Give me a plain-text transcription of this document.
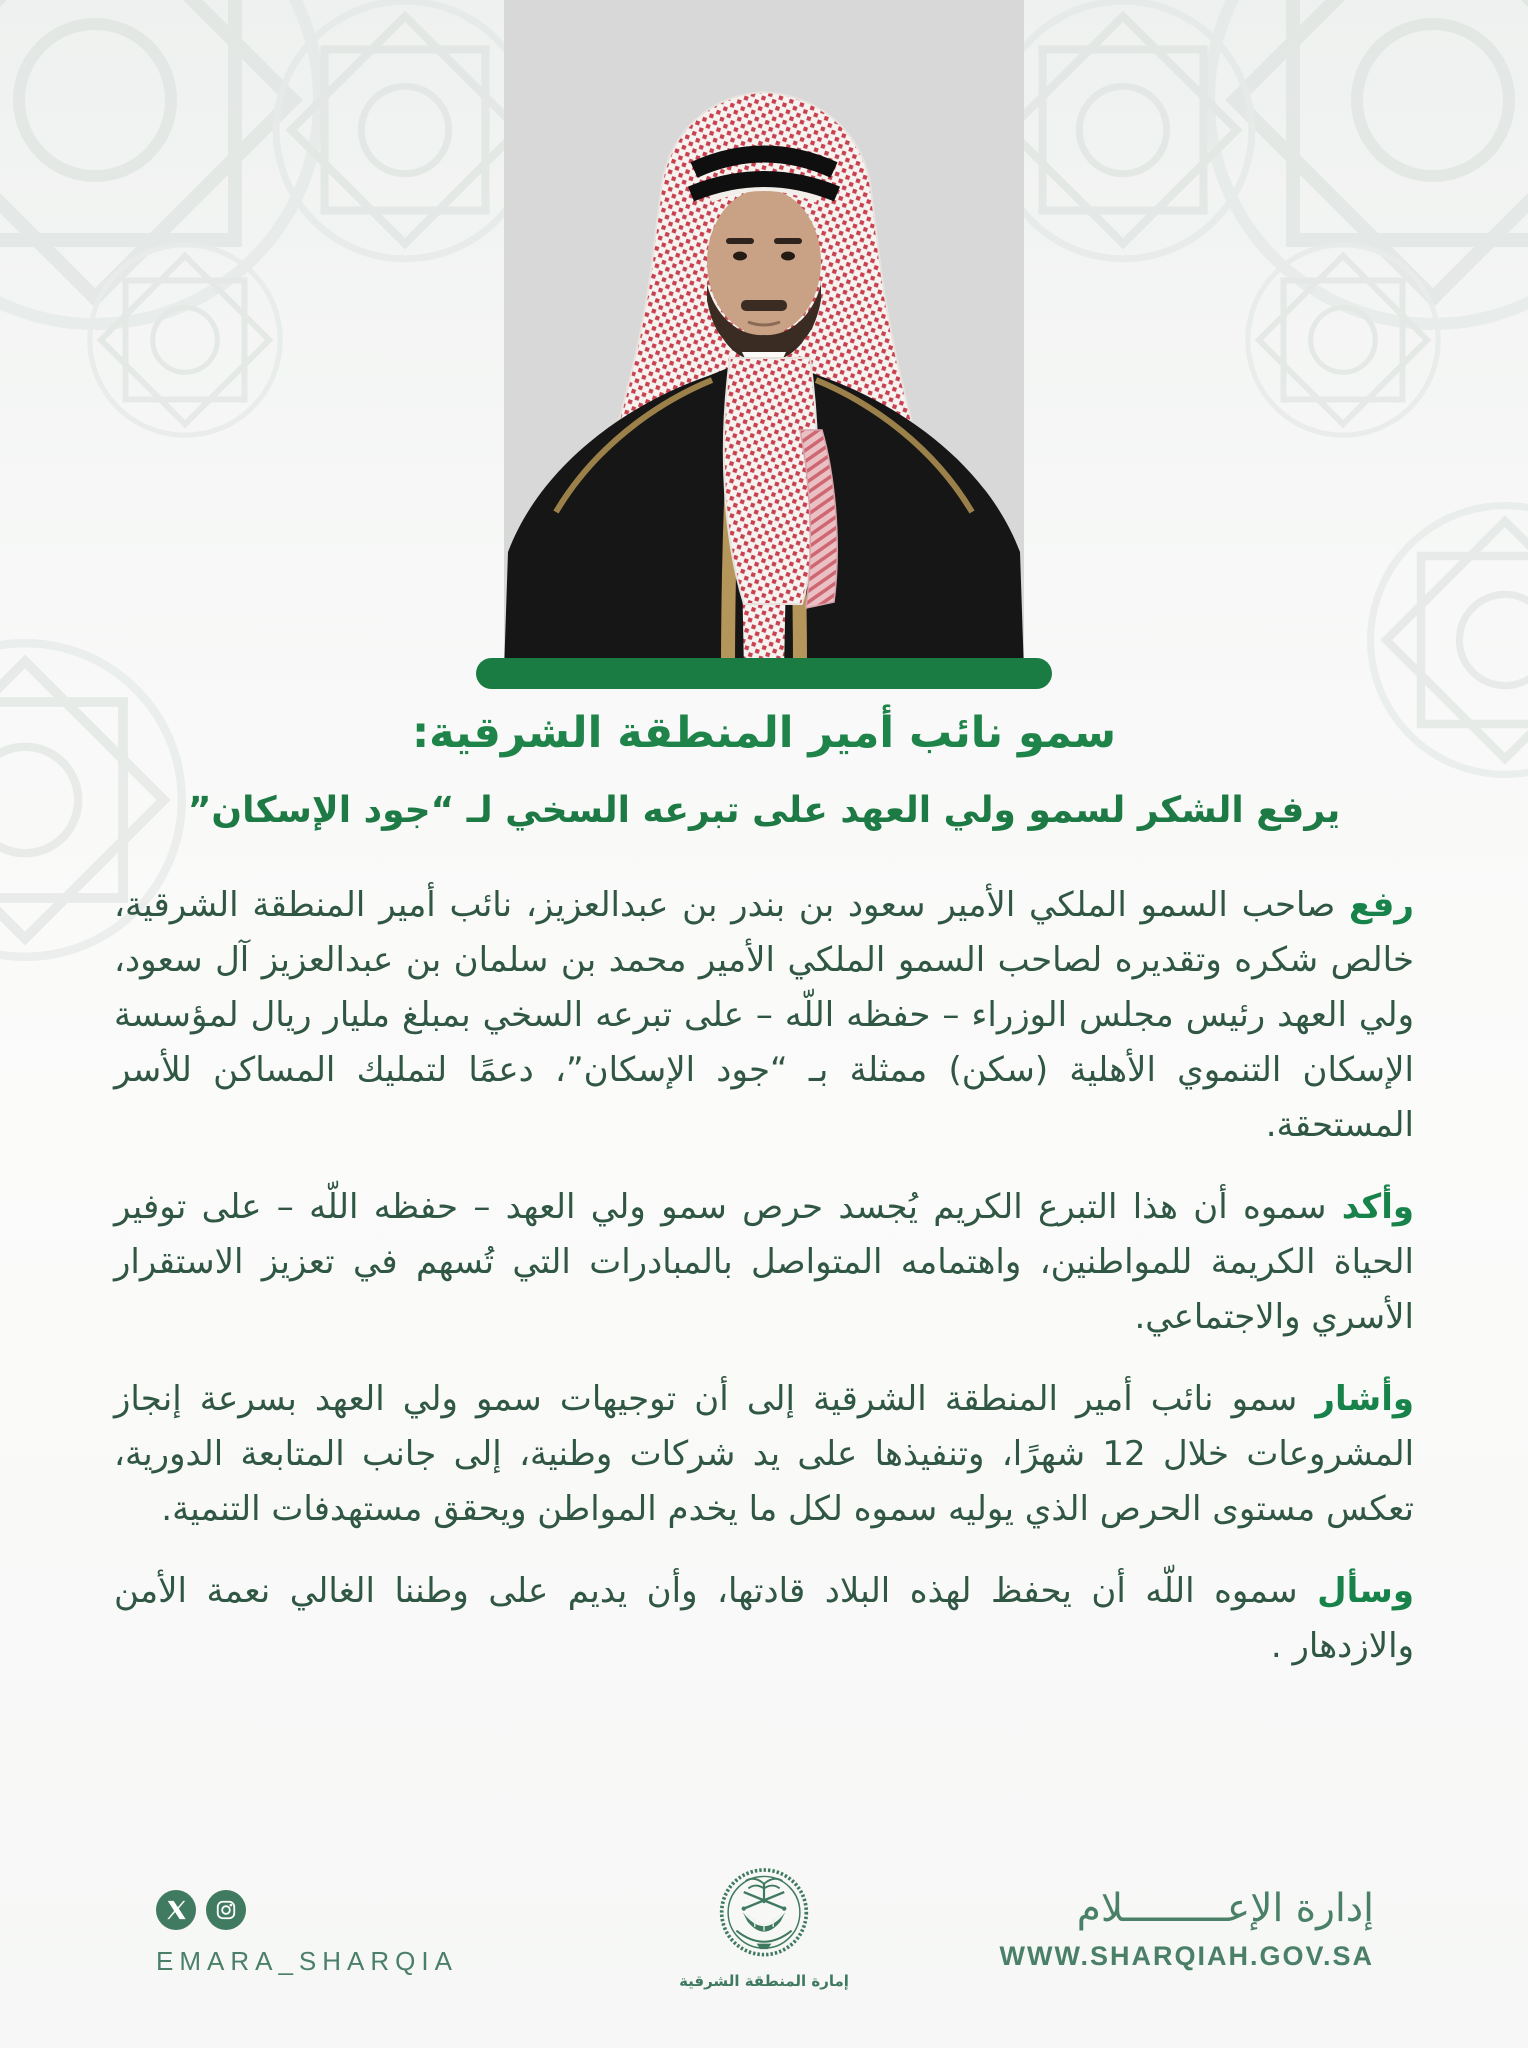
سمو نائب أمير المنطقة الشرقية:
يرفع الشكر لسمو ولي العهد على تبرعه السخي لـ “جود الإسكان”

رفع صاحب السمو الملكي الأمير سعود بن بندر بن عبدالعزيز، نائب أمير المنطقة الشرقية، خالص شكره وتقديره لصاحب السمو الملكي الأمير محمد بن سلمان بن عبدالعزيز آل سعود، ولي العهد رئيس مجلس الوزراء – حفظه اللّه – على تبرعه السخي بمبلغ مليار ريال لمؤسسة الإسكان التنموي الأهلية (سكن) ممثلة بـ “جود الإسكان”، دعمًا لتمليك المساكن للأسر المستحقة.

وأكد سموه أن هذا التبرع الكريم يُجسد حرص سمو ولي العهد – حفظه اللّه – على توفير الحياة الكريمة للمواطنين، واهتمامه المتواصل بالمبادرات التي تُسهم في تعزيز الاستقرار الأسري والاجتماعي.

وأشار سمو نائب أمير المنطقة الشرقية إلى أن توجيهات سمو ولي العهد بسرعة إنجاز المشروعات خلال 12 شهرًا، وتنفيذها على يد شركات وطنية، إلى جانب المتابعة الدورية، تعكس مستوى الحرص الذي يوليه سموه لكل ما يخدم المواطن ويحقق مستهدفات التنمية.

وسأل سموه اللّه أن يحفظ لهذه البلاد قادتها، وأن يديم على وطننا الغالي نعمة الأمن والازدهار .

EMARA_SHARQIA
إمارة المنطقة الشرقية
إدارة الإعـــــــــلام
WWW.SHARQIAH.GOV.SA
